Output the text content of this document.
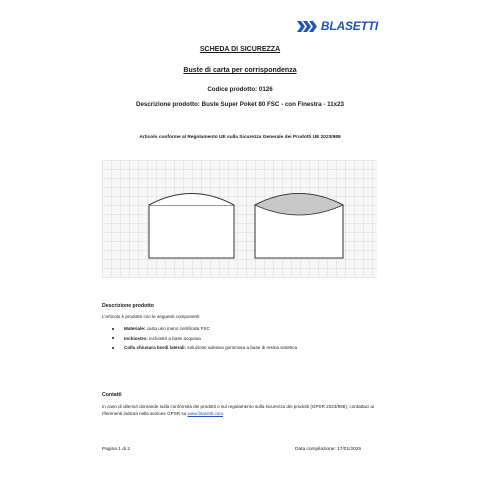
BLASETTI
SCHEDA DI SICUREZZA
Buste di carta per corrispondenza
Codice prodotto: 0126
Descrizione prodotto: Buste Super Poket 80 FSC - con Finestra - 11x23
Articolo conforme al Regolamento UE sulla Sicurezza Generale dei Prodotti UE 2023/988
Descrizione prodotto
L'articolo è prodotto con le seguenti componenti
Materiale: carta uso mano certificata FSC
Inchiostro: inchiostri a base acquosa
Colla chiusura bordi laterali: soluzione adesiva gommosa a base di resina sintetica
Contatti
In caso di ulteriori domande sulla conformità dei prodotti o sul regolamento sulla sicurezza dei prodotti (GPSR 2023/988), contattaci ai riferimenti indicati nella sezione GPSR su www.blasetti.com.
Pagina 1 di 2	Data compilazione: 17/01/2025
